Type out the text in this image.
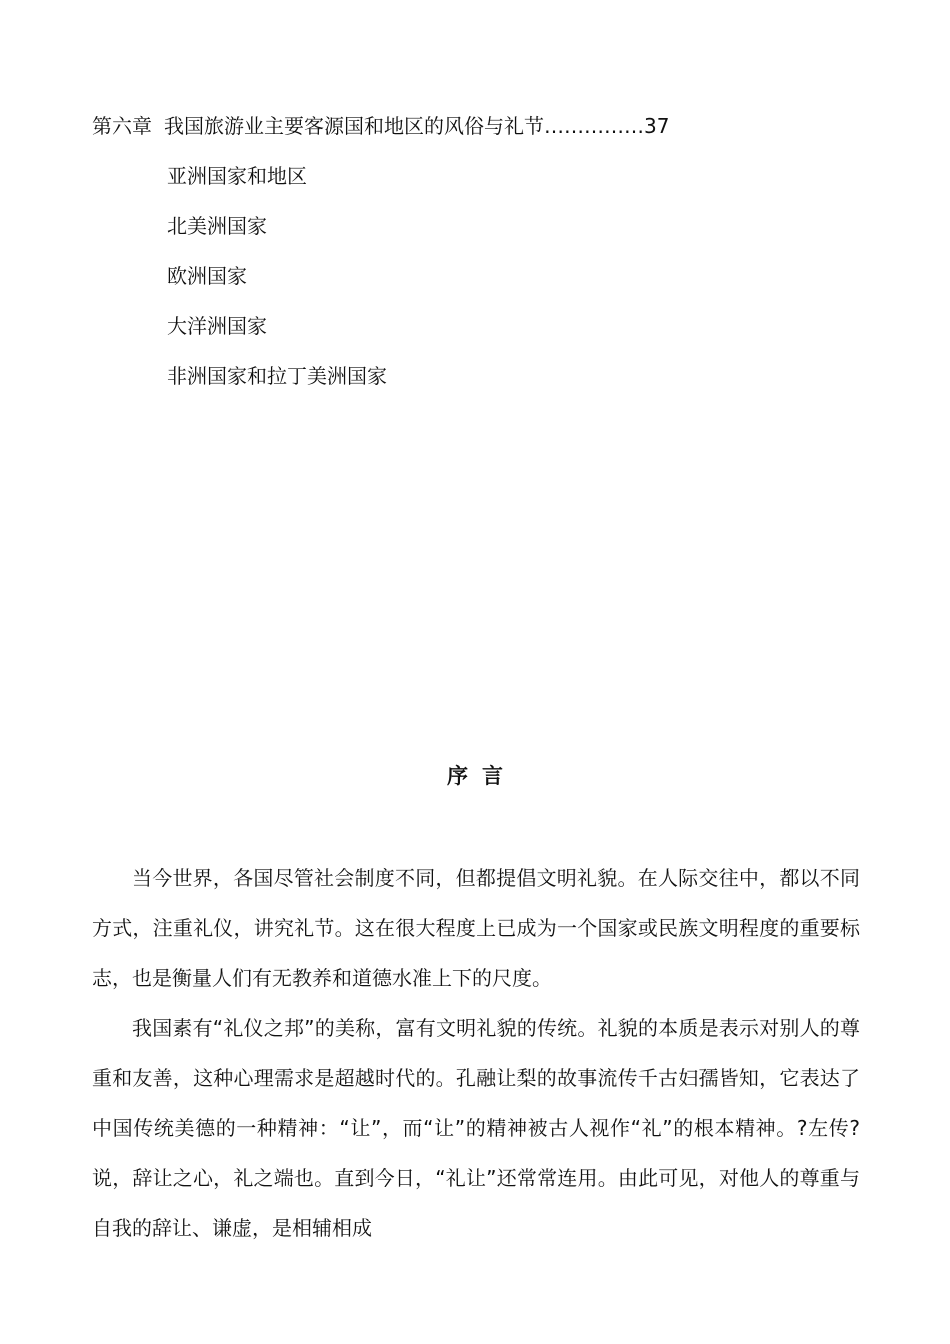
第六章 我国旅游业主要客源国和地区的风俗与礼节……………37
亚洲国家和地区
北美洲国家
欧洲国家
大洋洲国家
非洲国家和拉丁美洲国家
序言

当今世界，各国尽管社会制度不同，但都提倡文明礼貌。在人际交往中，都以不同方式，注重礼仪，讲究礼节。这在很大程度上已成为一个国家或民族文明程度的重要标志，也是衡量人们有无教养和道德水准上下的尺度。

我国素有“礼仪之邦”的美称，富有文明礼貌的传统。礼貌的本质是表示对别人的尊重和友善，这种心理需求是超越时代的。孔融让梨的故事流传千古妇孺皆知，它表达了中国传统美德的一种精神：“让”，而“让”的精神被古人视作“礼”的根本精神。?左传?说，辞让之心，礼之端也。直到今日，“礼让”还常常连用。由此可见，对他人的尊重与自我的辞让、谦虚，是相辅相成
